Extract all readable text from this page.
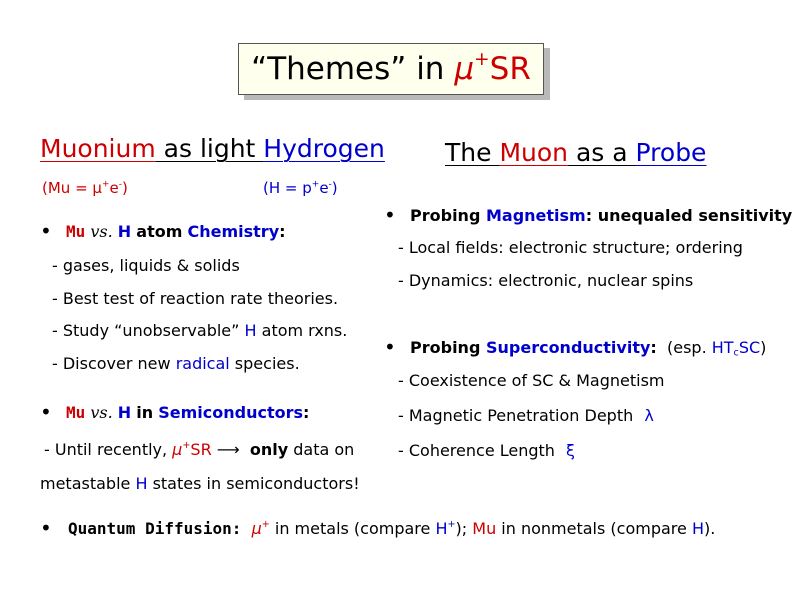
“Themes” in μ+SR
Muonium as light Hydrogen
(Mu = μ+e-)	(H = p+e-)
• Mu vs. H atom Chemistry:
- gases, liquids & solids
- Best test of reaction rate theories.
- Study “unobservable” H atom rxns.
- Discover new radical species.
• Mu vs. H in Semiconductors:
- Until recently, μ+SR ⟶ only data on
metastable H states in semiconductors!
The Muon as a Probe
• Probing Magnetism: unequaled sensitivity
- Local fields: electronic structure; ordering
- Dynamics: electronic, nuclear spins
• Probing Superconductivity: (esp. $HT_cSC$)
- Coexistence of SC & Magnetism
- Magnetic Penetration Depth λ
- Coherence Length ξ
• Quantum Diffusion: μ+ in metals (compare H+); Mu in nonmetals (compare H).
